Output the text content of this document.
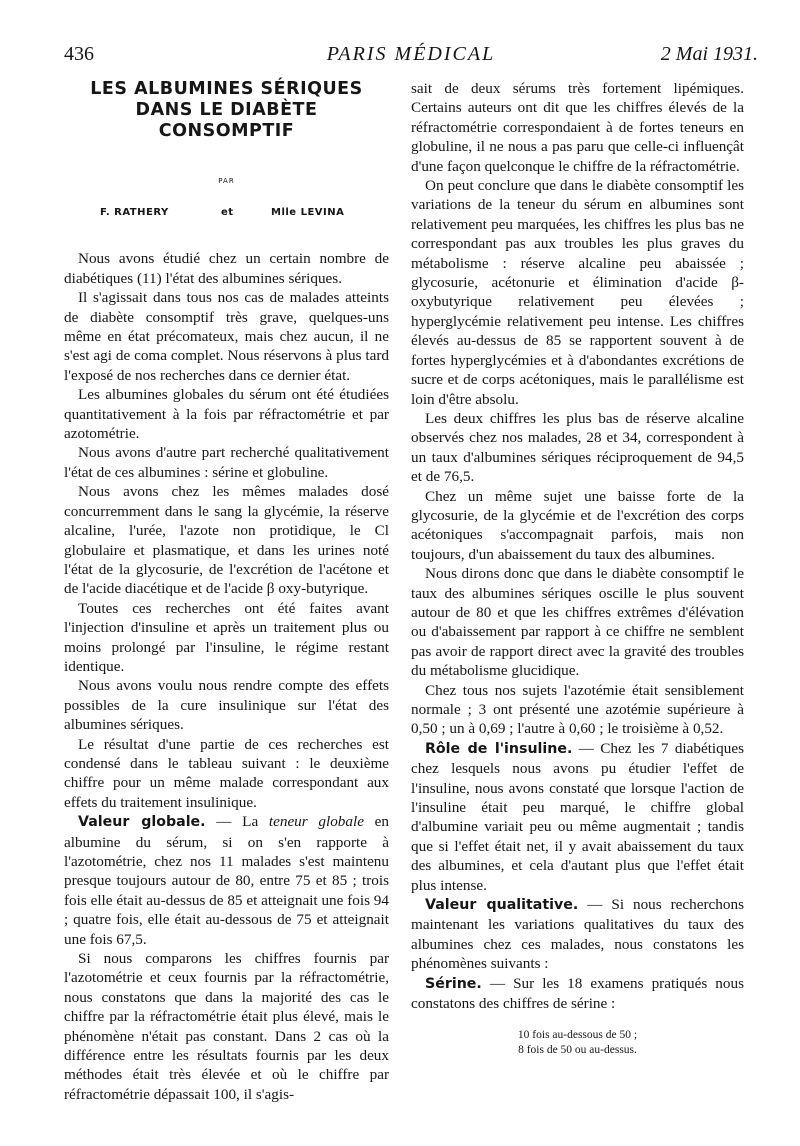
436	PARIS MÉDICAL	2 Mai 1931.
LES ALBUMINES SÉRIQUES
DANS LE DIABÈTE
CONSOMPTIF
PAR
F. RATHERY	et	Mlle LEVINA

Nous avons étudié chez un certain nombre de diabétiques (11) l'état des albumines sériques.

Il s'agissait dans tous nos cas de malades atteints de diabète consomptif très grave, quelques-uns même en état précomateux, mais chez aucun, il ne s'est agi de coma complet. Nous réservons à plus tard l'exposé de nos recherches dans ce dernier état.

Les albumines globales du sérum ont été étudiées quantitativement à la fois par réfractométrie et par azotométrie.

Nous avons d'autre part recherché qualitativement l'état de ces albumines : sérine et globuline.

Nous avons chez les mêmes malades dosé concurremment dans le sang la glycémie, la réserve alcaline, l'urée, l'azote non protidique, le Cl globulaire et plasmatique, et dans les urines noté l'état de la glycosurie, de l'excrétion de l'acétone et de l'acide diacétique et de l'acide β oxy-butyrique.

Toutes ces recherches ont été faites avant l'injection d'insuline et après un traitement plus ou moins prolongé par l'insuline, le régime restant identique.

Nous avons voulu nous rendre compte des effets possibles de la cure insulinique sur l'état des albumines sériques.

Le résultat d'une partie de ces recherches est condensé dans le tableau suivant : le deuxième chiffre pour un même malade correspondant aux effets du traitement insulinique.

Valeur globale. — La teneur globale en albumine du sérum, si on s'en rapporte à l'azotométrie, chez nos 11 malades s'est maintenu presque toujours autour de 80, entre 75 et 85 ; trois fois elle était au-dessus de 85 et atteignait une fois 94 ; quatre fois, elle était au-dessous de 75 et atteignait une fois 67,5.

Si nous comparons les chiffres fournis par l'azotométrie et ceux fournis par la réfractométrie, nous constatons que dans la majorité des cas le chiffre par la réfractométrie était plus élevé, mais le phénomène n'était pas constant. Dans 2 cas où la différence entre les résultats fournis par les deux méthodes était très élevée et où le chiffre par réfractométrie dépassait 100, il s'agis-

sait de deux sérums très fortement lipémiques. Certains auteurs ont dit que les chiffres élevés de la réfractométrie correspondaient à de fortes teneurs en globuline, il ne nous a pas paru que celle-ci influençât d'une façon quelconque le chiffre de la réfractométrie.

On peut conclure que dans le diabète consomptif les variations de la teneur du sérum en albumines sont relativement peu marquées, les chiffres les plus bas ne correspondant pas aux troubles les plus graves du métabolisme : réserve alcaline peu abaissée ; glycosurie, acétonurie et élimination d'acide β-oxybutyrique relativement peu élevées ; hyperglycémie relativement peu intense. Les chiffres élevés au-dessus de 85 se rapportent souvent à de fortes hyperglycémies et à d'abondantes excrétions de sucre et de corps acétoniques, mais le parallélisme est loin d'être absolu.

Les deux chiffres les plus bas de réserve alcaline observés chez nos malades, 28 et 34, correspondent à un taux d'albumines sériques réciproquement de 94,5 et de 76,5.

Chez un même sujet une baisse forte de la glycosurie, de la glycémie et de l'excrétion des corps acétoniques s'accompagnait parfois, mais non toujours, d'un abaissement du taux des albumines.

Nous dirons donc que dans le diabète consomptif le taux des albumines sériques oscille le plus souvent autour de 80 et que les chiffres extrêmes d'élévation ou d'abaissement par rapport à ce chiffre ne semblent pas avoir de rapport direct avec la gravité des troubles du métabolisme glucidique.

Chez tous nos sujets l'azotémie était sensiblement normale ; 3 ont présenté une azotémie supérieure à 0,50 ; un à 0,69 ; l'autre à 0,60 ; le troisième à 0,52.

Rôle de l'insuline. — Chez les 7 diabétiques chez lesquels nous avons pu étudier l'effet de l'insuline, nous avons constaté que lorsque l'action de l'insuline était peu marqué, le chiffre global d'albumine variait peu ou même augmentait ; tandis que si l'effet était net, il y avait abaissement du taux des albumines, et cela d'autant plus que l'effet était plus intense.

Valeur qualitative. — Si nous recherchons maintenant les variations qualitatives du taux des albumines chez ces malades, nous constatons les phénomènes suivants :

Sérine. — Sur les 18 examens pratiqués nous constatons des chiffres de sérine :

10 fois au-dessous de 50 ;
8 fois de 50 ou au-dessus.
